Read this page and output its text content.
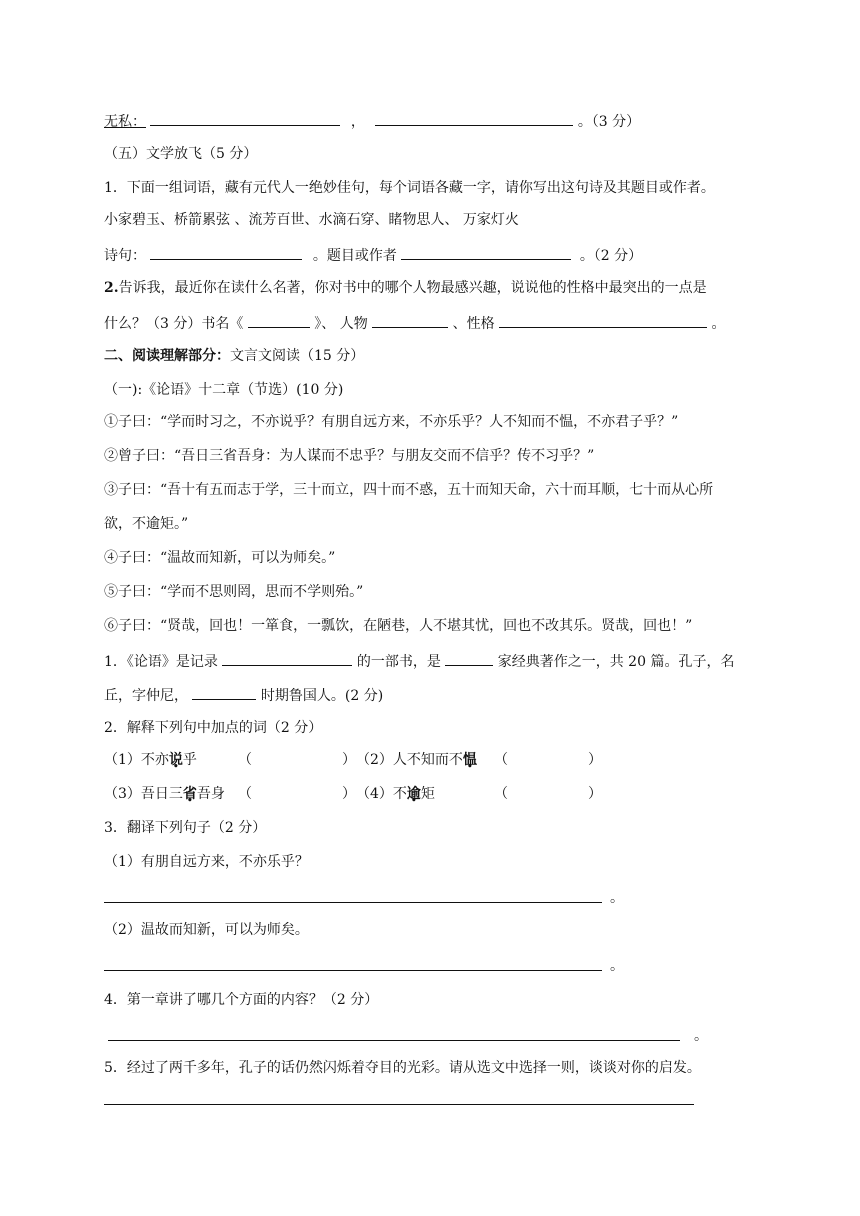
无私：	，	。（3 分）
（五）文学放飞（5 分）
1．下面一组词语，藏有元代人一绝妙佳句，每个词语各藏一字，请你写出这句诗及其题目或作者。
小家碧玉、桥箭累弦 、流芳百世、水滴石穿、睹物思人、 万家灯火
诗句：	。题目或作者	。（2 分）
2.告诉我，最近你在读什么名著，你对书中的哪个人物最感兴趣，说说他的性格中最突出的一点是
什么？（3 分）书名《	》、 人物	、性格	。
二、阅读理解部分：文言文阅读（15 分）
（一):《论语》十二章（节选）(10 分)
①子曰：“学而时习之，不亦说乎？有朋自远方来，不亦乐乎？人不知而不愠，不亦君子乎？”
②曾子曰：“吾日三省吾身：为人谋而不忠乎？与朋友交而不信乎？传不习乎？”
③子曰：“吾十有五而志于学，三十而立，四十而不惑，五十而知天命，六十而耳顺，七十而从心所
欲，不逾矩。”
④子曰：“温故而知新，可以为师矣。”
⑤子曰：“学而不思则罔，思而不学则殆。”
⑥子曰：“贤哉，回也！一箪食，一瓢饮，在陋巷，人不堪其忧，回也不改其乐。贤哉，回也！”
1．《论语》是记录	的一部书，是	家经典著作之一，共 20 篇。孔子，名
丘，字仲尼，	时期鲁国人。(2 分)
2．解释下列句中加点的词（2 分）
（1）不亦说乎	（	） （2）人不知而不愠 （	）
（3）吾日三省吾身 （	） （4）不逾矩	（	）
3．翻译下列句子（2 分）
（1）有朋自远方来，不亦乐乎？
。
（2）温故而知新，可以为师矣。
。
4．第一章讲了哪几个方面的内容？（2 分）
。
5．经过了两千多年，孔子的话仍然闪烁着夺目的光彩。请从选文中选择一则，谈谈对你的启发。
